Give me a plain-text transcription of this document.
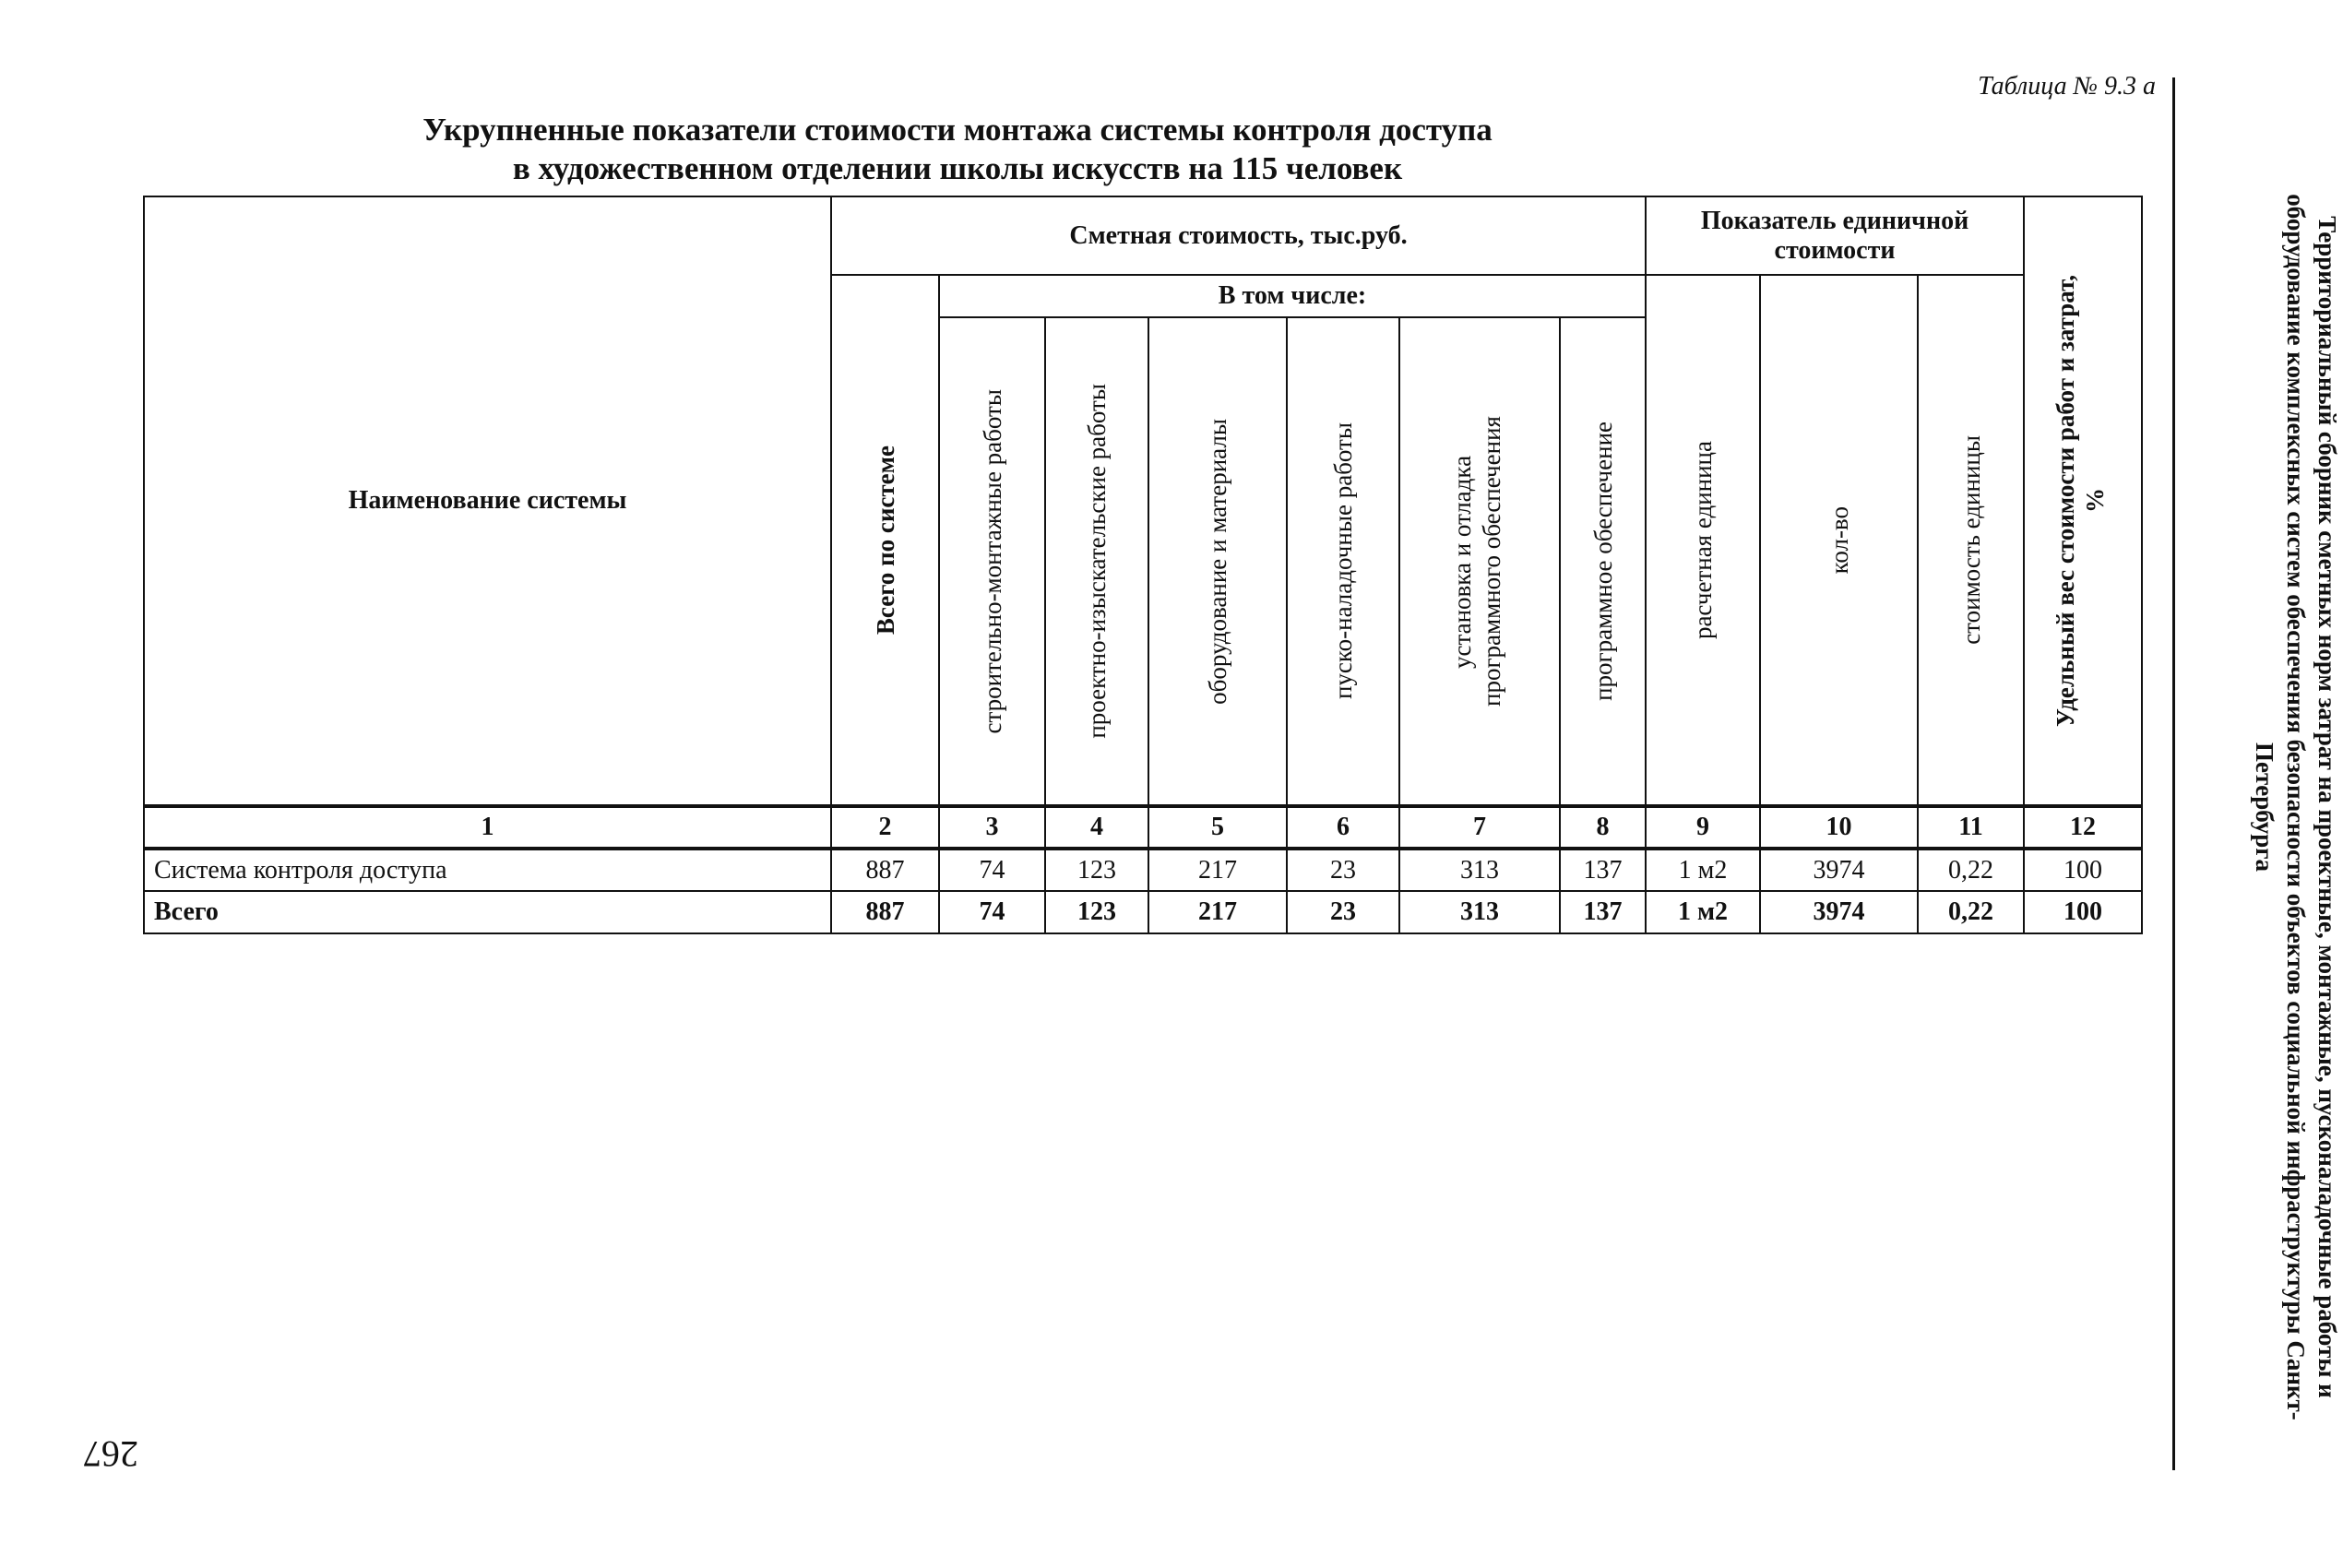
Таблица № 9.3 а
Укрупненные показатели стоимости монтажа системы контроля доступа
в художественном отделении школы искусств на 115 человек
Территориальный сборник сметных норм затрат на проектные, монтажные, пусконаладочные работы и оборудование комплексных систем обеспечения безопасности объектов социальной инфраструктуры Санкт-Петербурга
267
Наименование системы	Сметная стоимость, тыс.руб.							Показатель единичной стоимости			Удельный вес стоимости работ и затрат, %

	Всего по системе	В том числе:						расчетная единица	кол-во	стоимость единицы	

		строительно-монтажные работы	проектно-изыскательские работы	оборудование и материалы	пуско-наладочные работы	установка и отладка программного обеспечения	программное обеспечение				

1	2	3	4	5	6	7	8	9	10	11	12
Система контроля доступа	887	74	123	217	23	313	137	1 м2	3974	0,22	100
Всего	887	74	123	217	23	313	137	1 м2	3974	0,22	100
